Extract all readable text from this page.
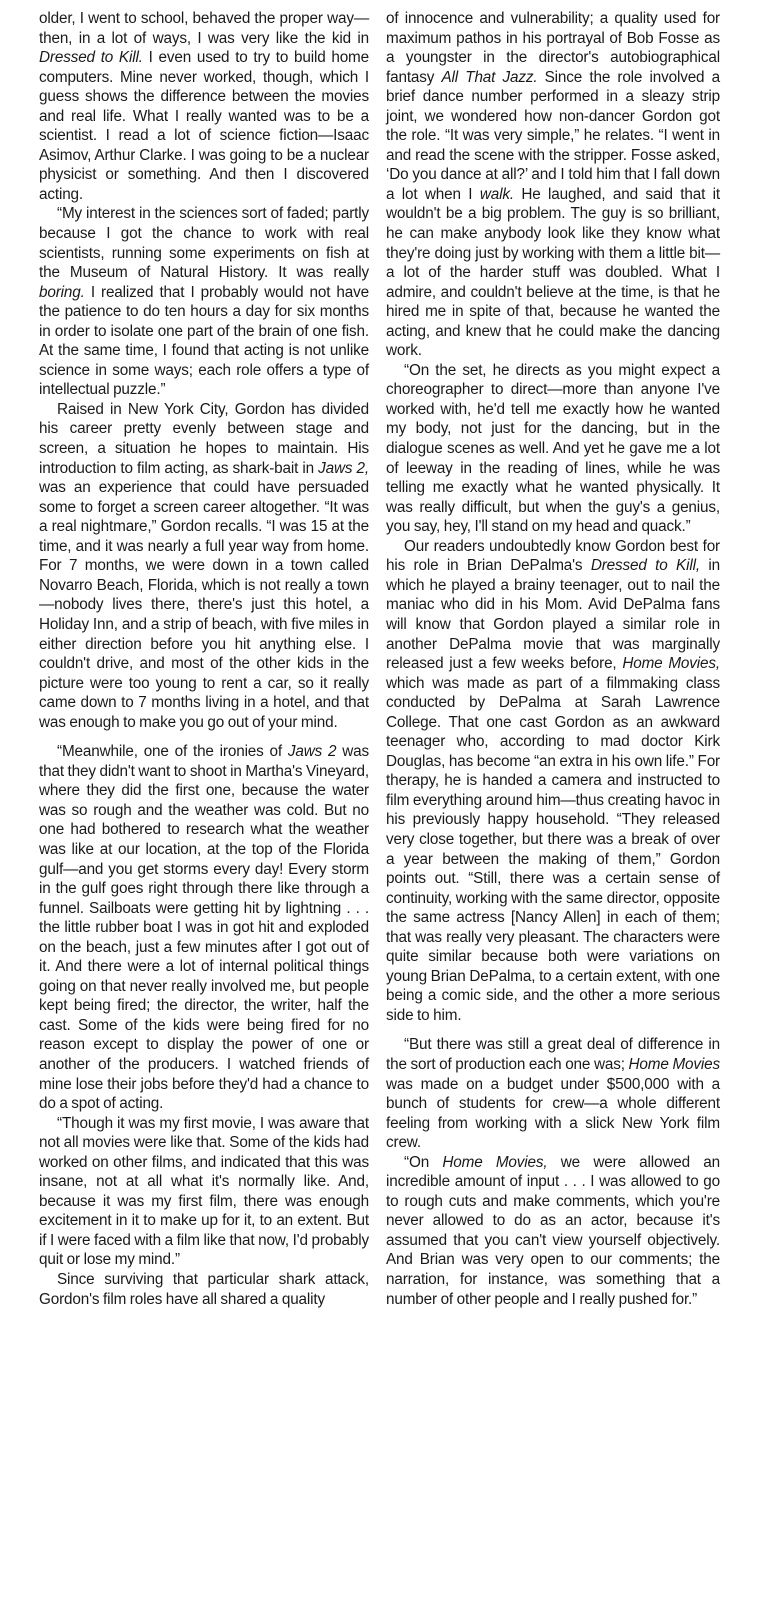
older, I went to school, behaved the proper way—then, in a lot of ways, I was very like the kid in Dressed to Kill. I even used to try to build home computers. Mine never worked, though, which I guess shows the difference between the movies and real life. What I really wanted was to be a scientist. I read a lot of science fiction—Isaac Asimov, Arthur Clarke. I was going to be a nuclear physicist or something. And then I discovered acting.

“My interest in the sciences sort of faded; partly because I got the chance to work with real scientists, running some experiments on fish at the Museum of Natural History. It was really boring. I realized that I probably would not have the patience to do ten hours a day for six months in order to isolate one part of the brain of one fish. At the same time, I found that acting is not unlike science in some ways; each role offers a type of intellectual puzzle.”

Raised in New York City, Gordon has divided his career pretty evenly between stage and screen, a situation he hopes to maintain. His introduction to film acting, as shark-bait in Jaws 2, was an experience that could have persuaded some to forget a screen career altogether. “It was a real nightmare,” Gordon recalls. “I was 15 at the time, and it was nearly a full year way from home. For 7 months, we were down in a town called Novarro Beach, Florida, which is not really a town—nobody lives there, there's just this hotel, a Holiday Inn, and a strip of beach, with five miles in either direction before you hit anything else. I couldn't drive, and most of the other kids in the picture were too young to rent a car, so it really came down to 7 months living in a hotel, and that was enough to make you go out of your mind.

“Meanwhile, one of the ironies of Jaws 2 was that they didn't want to shoot in Martha's Vineyard, where they did the first one, because the water was so rough and the weather was cold. But no one had bothered to research what the weather was like at our location, at the top of the Florida gulf—and you get storms every day! Every storm in the gulf goes right through there like through a funnel. Sailboats were getting hit by lightning . . . the little rubber boat I was in got hit and exploded on the beach, just a few minutes after I got out of it. And there were a lot of internal political things going on that never really involved me, but people kept being fired; the director, the writer, half the cast. Some of the kids were being fired for no reason except to display the power of one or another of the producers. I watched friends of mine lose their jobs before they'd had a chance to do a spot of acting.

“Though it was my first movie, I was aware that not all movies were like that. Some of the kids had worked on other films, and indicated that this was insane, not at all what it's normally like. And, because it was my first film, there was enough excitement in it to make up for it, to an extent. But if I were faced with a film like that now, I'd probably quit or lose my mind.”

Since surviving that particular shark attack, Gordon's film roles have all shared a quality

of innocence and vulnerability; a quality used for maximum pathos in his portrayal of Bob Fosse as a youngster in the director's autobiographical fantasy All That Jazz. Since the role involved a brief dance number performed in a sleazy strip joint, we wondered how non-dancer Gordon got the role. “It was very simple,” he relates. “I went in and read the scene with the stripper. Fosse asked, ‘Do you dance at all?’ and I told him that I fall down a lot when I walk. He laughed, and said that it wouldn't be a big problem. The guy is so brilliant, he can make anybody look like they know what they're doing just by working with them a little bit—a lot of the harder stuff was doubled. What I admire, and couldn't believe at the time, is that he hired me in spite of that, because he wanted the acting, and knew that he could make the dancing work.

“On the set, he directs as you might expect a choreographer to direct—more than anyone I've worked with, he'd tell me exactly how he wanted my body, not just for the dancing, but in the dialogue scenes as well. And yet he gave me a lot of leeway in the reading of lines, while he was telling me exactly what he wanted physically. It was really difficult, but when the guy's a genius, you say, hey, I'll stand on my head and quack.”

Our readers undoubtedly know Gordon best for his role in Brian DePalma's Dressed to Kill, in which he played a brainy teenager, out to nail the maniac who did in his Mom. Avid DePalma fans will know that Gordon played a similar role in another DePalma movie that was marginally released just a few weeks before, Home Movies, which was made as part of a filmmaking class conducted by DePalma at Sarah Lawrence College. That one cast Gordon as an awkward teenager who, according to mad doctor Kirk Douglas, has become “an extra in his own life.” For therapy, he is handed a camera and instructed to film everything around him—thus creating havoc in his previously happy household. “They released very close together, but there was a break of over a year between the making of them,” Gordon points out. “Still, there was a certain sense of continuity, working with the same director, opposite the same actress [Nancy Allen] in each of them; that was really very pleasant. The characters were quite similar because both were variations on young Brian DePalma, to a certain extent, with one being a comic side, and the other a more serious side to him.

“But there was still a great deal of difference in the sort of production each one was; Home Movies was made on a budget under $500,000 with a bunch of students for crew—a whole different feeling from working with a slick New York film crew.

“On Home Movies, we were allowed an incredible amount of input . . . I was allowed to go to rough cuts and make comments, which you're never allowed to do as an actor, because it's assumed that you can't view yourself objectively. And Brian was very open to our comments; the narration, for instance, was something that a number of other people and I really pushed for.”
